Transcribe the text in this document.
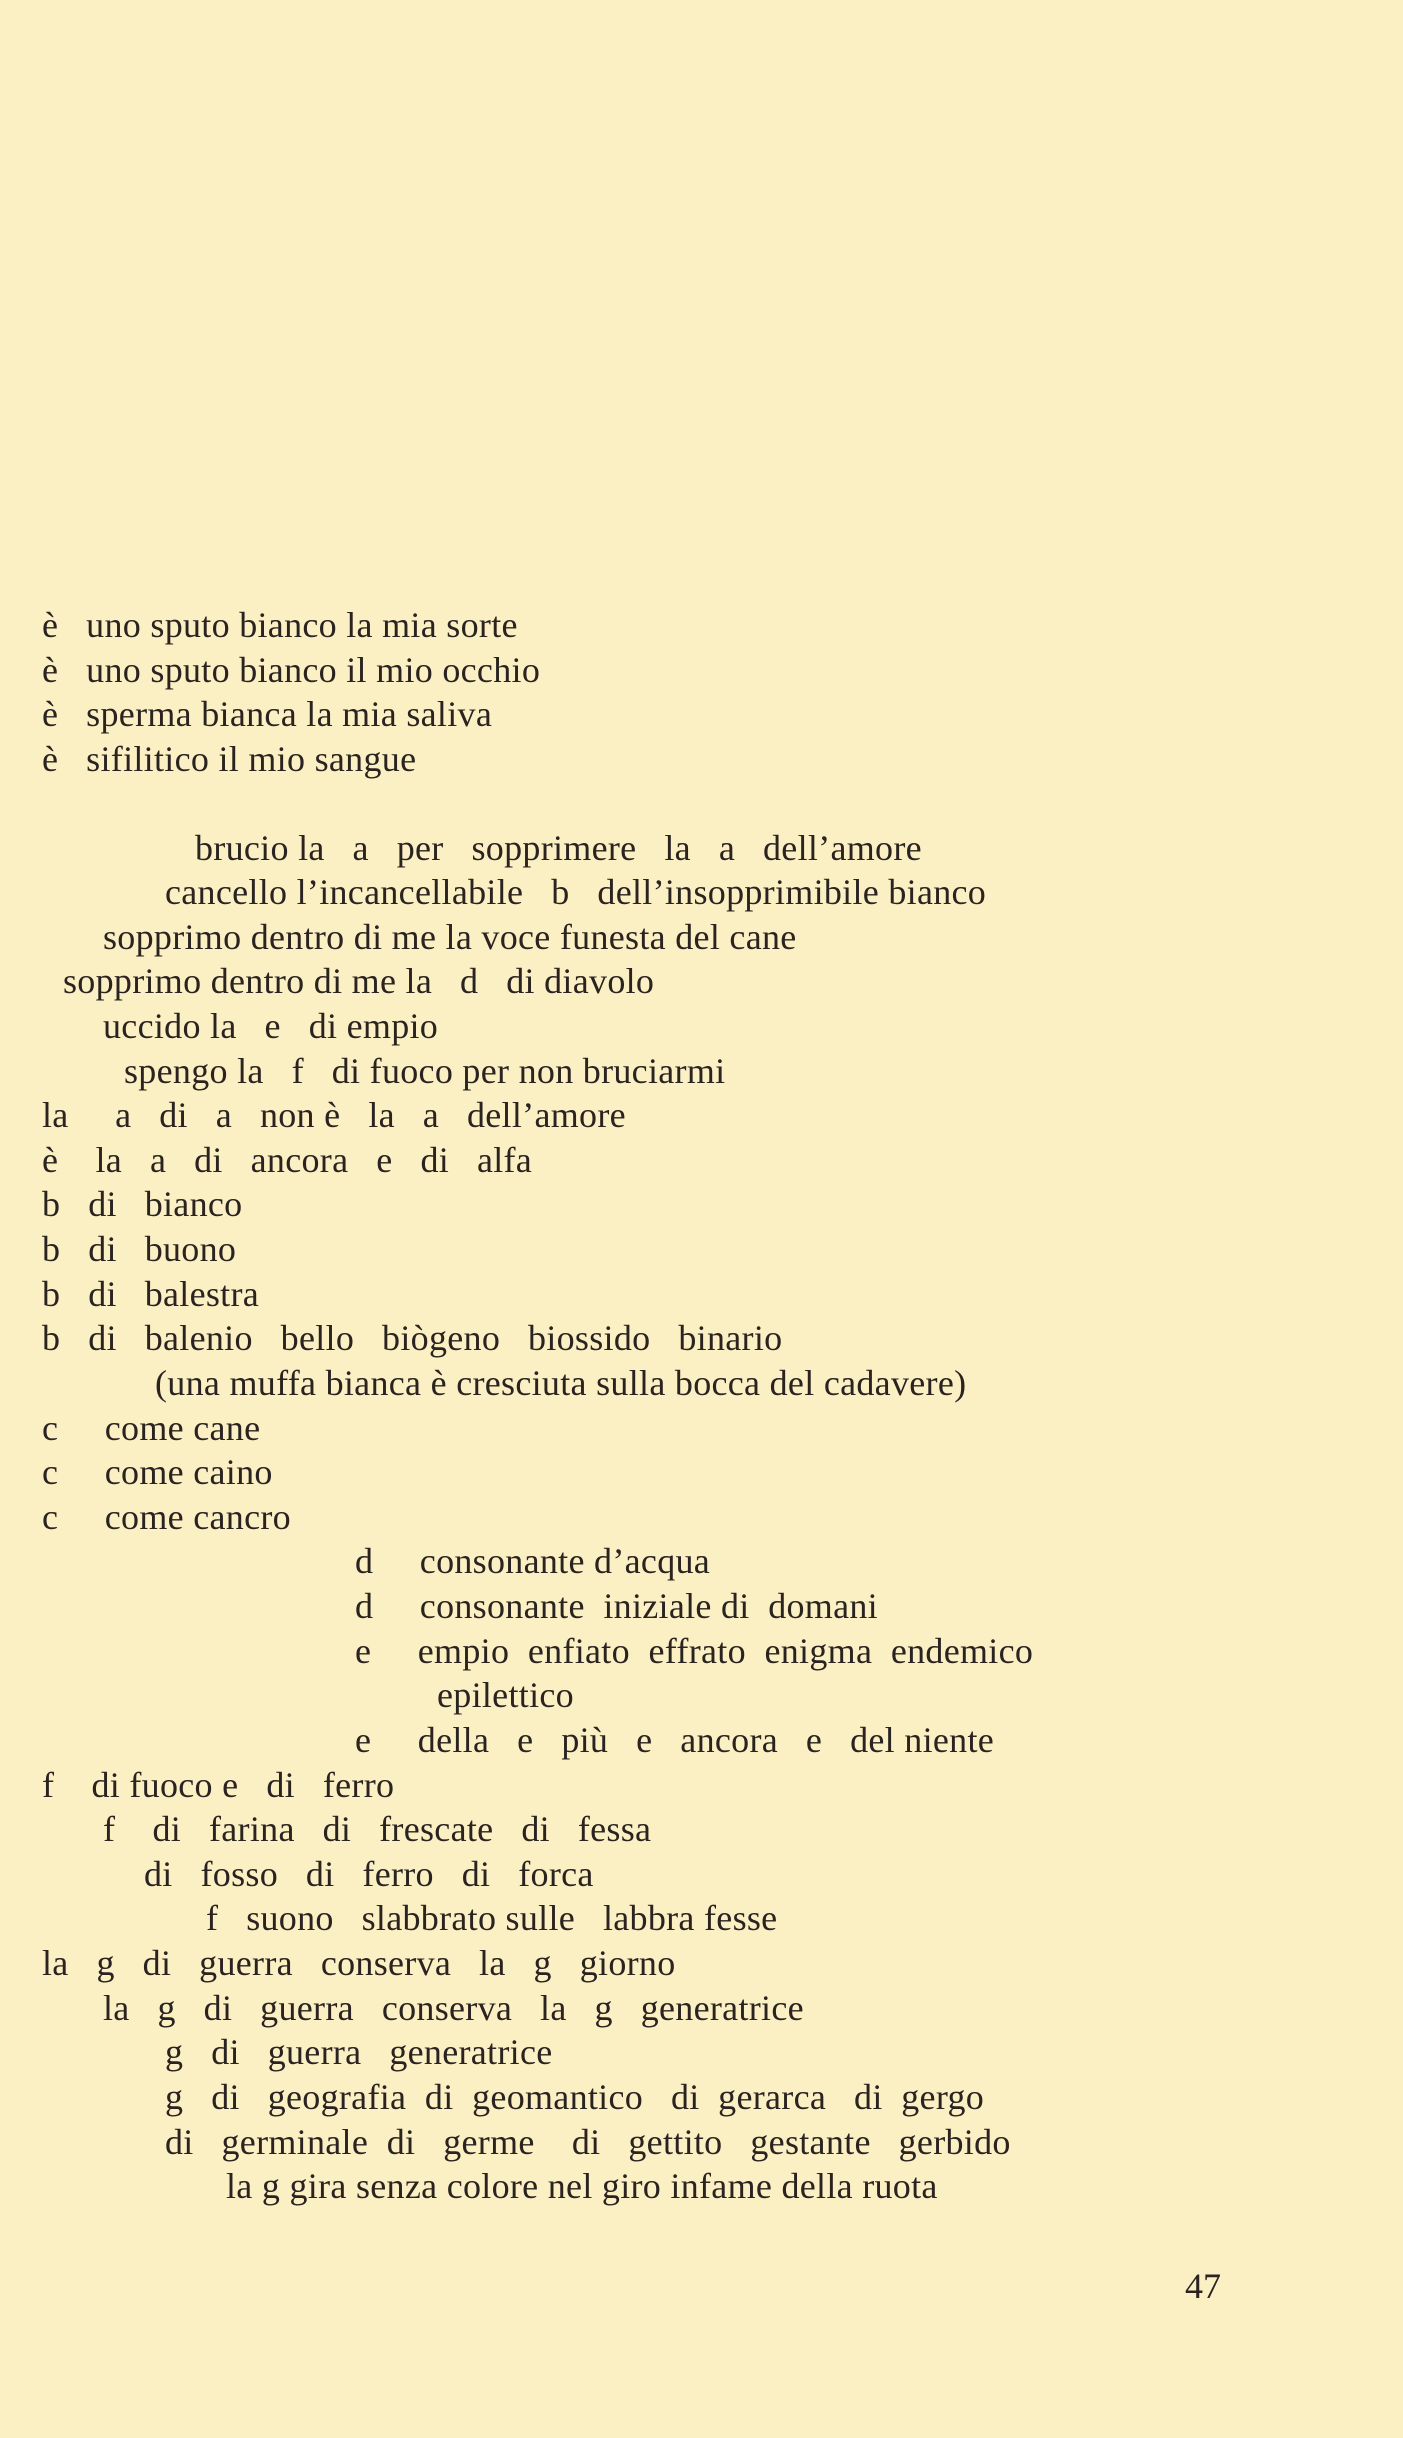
è   uno sputo bianco la mia sorte
è   uno sputo bianco il mio occhio
è   sperma bianca la mia saliva
è   sifilitico il mio sangue
brucio la   a   per   sopprimere   la   a   dell’amore
cancello l’incancellabile   b   dell’insopprimibile bianco
sopprimo dentro di me la voce funesta del cane
sopprimo dentro di me la   d   di diavolo
uccido la   e   di empio
spengo la   f   di fuoco per non bruciarmi
la     a   di   a   non è   la   a   dell’amore
è    la   a   di   ancora   e   di   alfa
b   di   bianco
b   di   buono
b   di   balestra
b   di   balenio   bello   biògeno   biossido   binario
(una muffa bianca è cresciuta sulla bocca del cadavere)
c     come cane
c     come caino
c     come cancro
d     consonante d’acqua
d     consonante  iniziale di  domani
e     empio  enfiato  effrato  enigma  endemico
epilettico
e     della   e   più   e   ancora   e   del niente
f    di fuoco e   di   ferro
f    di   farina   di   frescate   di   fessa
di   fosso   di   ferro   di   forca
f   suono   slabbrato sulle   labbra fesse
la   g   di   guerra   conserva   la   g   giorno
la   g   di   guerra   conserva   la   g   generatrice
g   di   guerra   generatrice
g   di   geografia  di  geomantico   di  gerarca   di  gergo
di   germinale  di   germe    di   gettito   gestante   gerbido
la g gira senza colore nel giro infame della ruota
47
